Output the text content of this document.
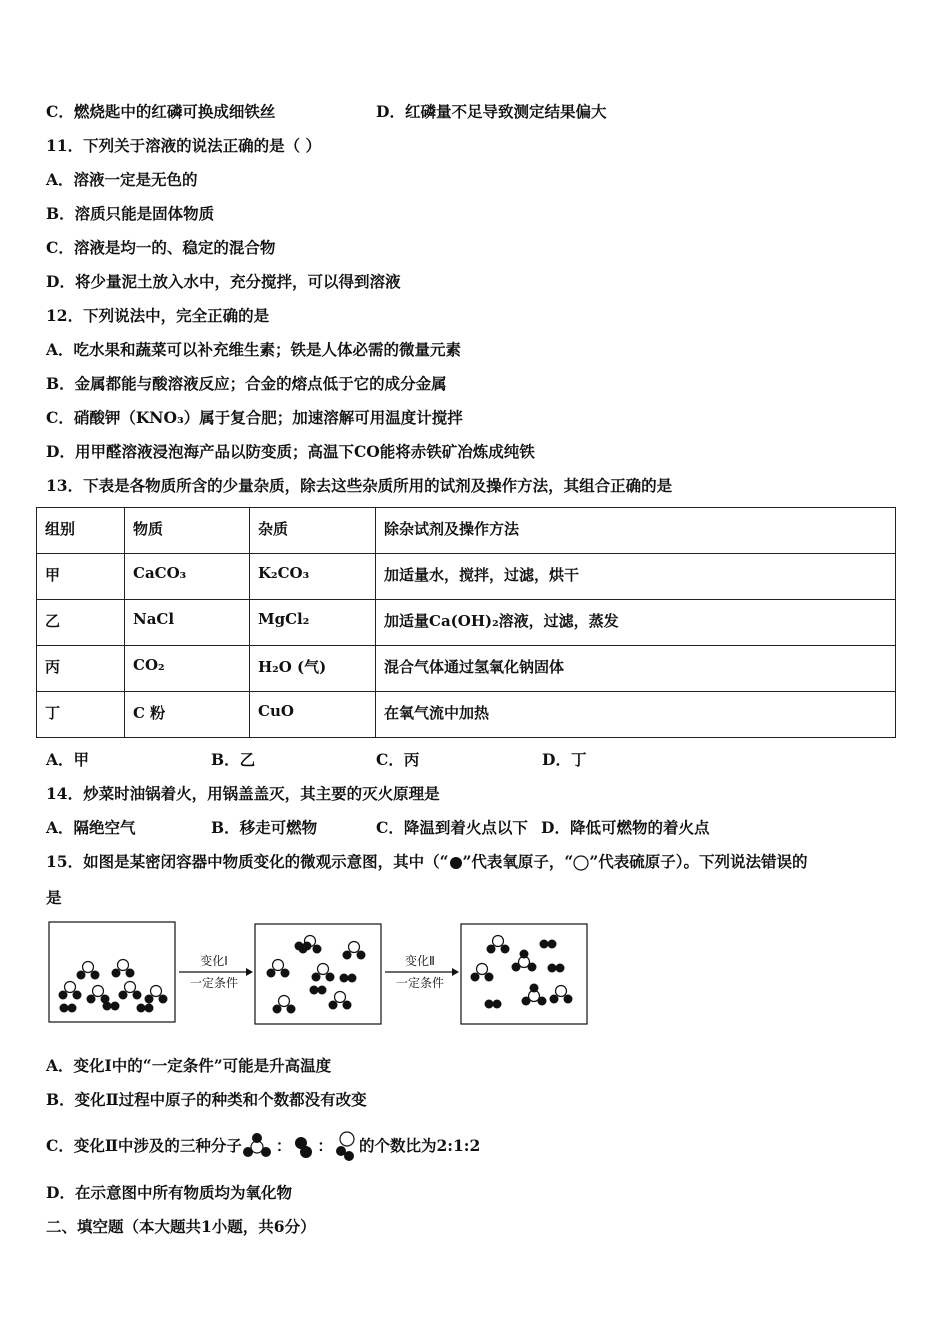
C．燃烧匙中的红磷可换成细铁丝	D．红磷量不足导致测定结果偏大
11．下列关于溶液的说法正确的是（ ）
A．溶液一定是无色的
B．溶质只能是固体物质
C．溶液是均一的、稳定的混合物
D．将少量泥土放入水中，充分搅拌，可以得到溶液
12．下列说法中，完全正确的是
A．吃水果和蔬菜可以补充维生素；铁是人体必需的微量元素
B．金属都能与酸溶液反应；合金的熔点低于它的成分金属
C．硝酸钾（KNO₃）属于复合肥；加速溶解可用温度计搅拌
D．用甲醛溶液浸泡海产品以防变质；高温下CO能将赤铁矿冶炼成纯铁
13．下表是各物质所含的少量杂质，除去这些杂质所用的试剂及操作方法，其组合正确的是
组别	物质	杂质	除杂试剂及操作方法
甲	CaCO₃	K₂CO₃	加适量水，搅拌，过滤，烘干
乙	NaCl	MgCl₂	加适量Ca(OH)₂溶液，过滤，蒸发
丙	CO₂	H₂O (气)	混合气体通过氢氧化钠固体
丁	C 粉	CuO	在氧气流中加热
A．甲	B．乙	C．丙	D．丁
14．炒菜时油锅着火，用锅盖盖灭，其主要的灭火原理是
A．隔绝空气	B．移走可燃物	C．降温到着火点以下 D．降低可燃物的着火点
15．如图是某密闭容器中物质变化的微观示意图，其中（“ ”代表氧原子，“ ”代表硫原子）。下列说法错误的
是
变化Ⅰ
一定条件
变化Ⅱ
一定条件
A．变化Ⅰ中的“一定条件”可能是升高温度
B．变化Ⅱ过程中原子的种类和个数都没有改变
C．变化Ⅱ中涉及的三种分子 ： ： 的个数比为2:1:2
D．在示意图中所有物质均为氧化物
二、填空题（本大题共1小题，共6分）
